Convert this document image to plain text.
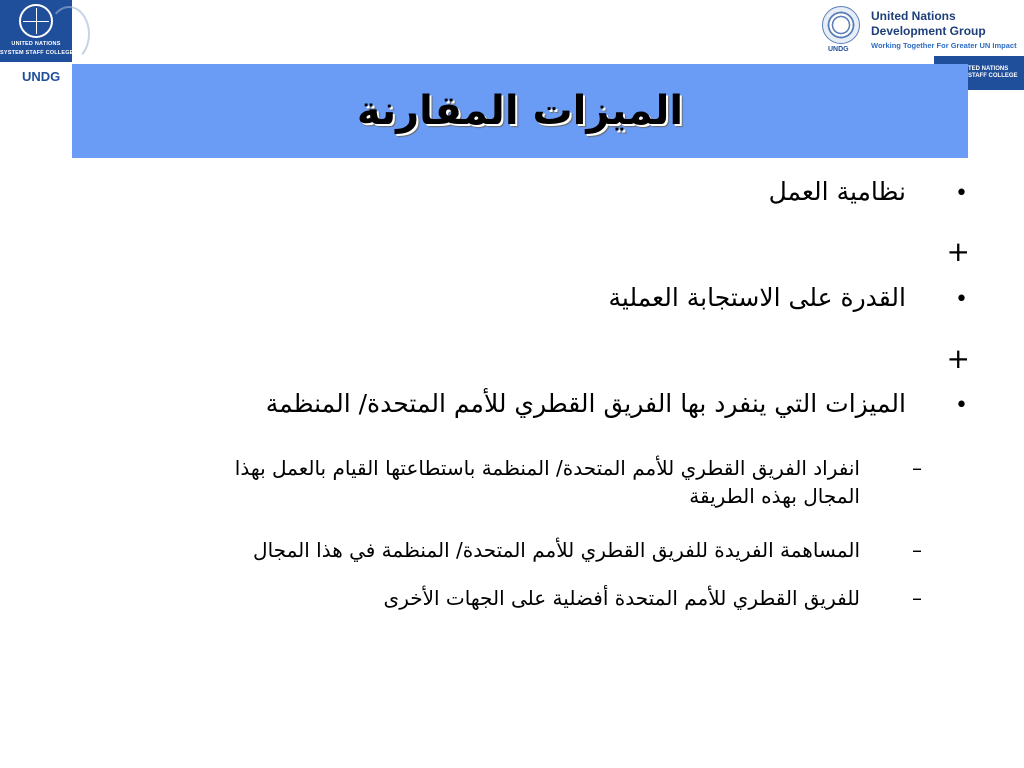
UNITED NATIONS
SYSTEM STAFF COLLEGE
UNDG
UNDG
United Nations
Development Group
Working Together For Greater UN Impact
TED NATIONS
STAFF COLLEGE
الميزات المقارنة
•
نظامية العمل
+
•
القدرة على الاستجابة العملية
+
•
الميزات التي ينفرد بها الفريق القطري للأمم المتحدة/ المنظمة
–
انفراد الفريق القطري للأمم المتحدة/ المنظمة باستطاعتها القيام بالعمل بهذا
المجال بهذه الطريقة
–
المساهمة الفريدة للفريق القطري للأمم المتحدة/ المنظمة في هذا المجال
–
للفريق القطري للأمم المتحدة أفضلية على الجهات الأخرى
